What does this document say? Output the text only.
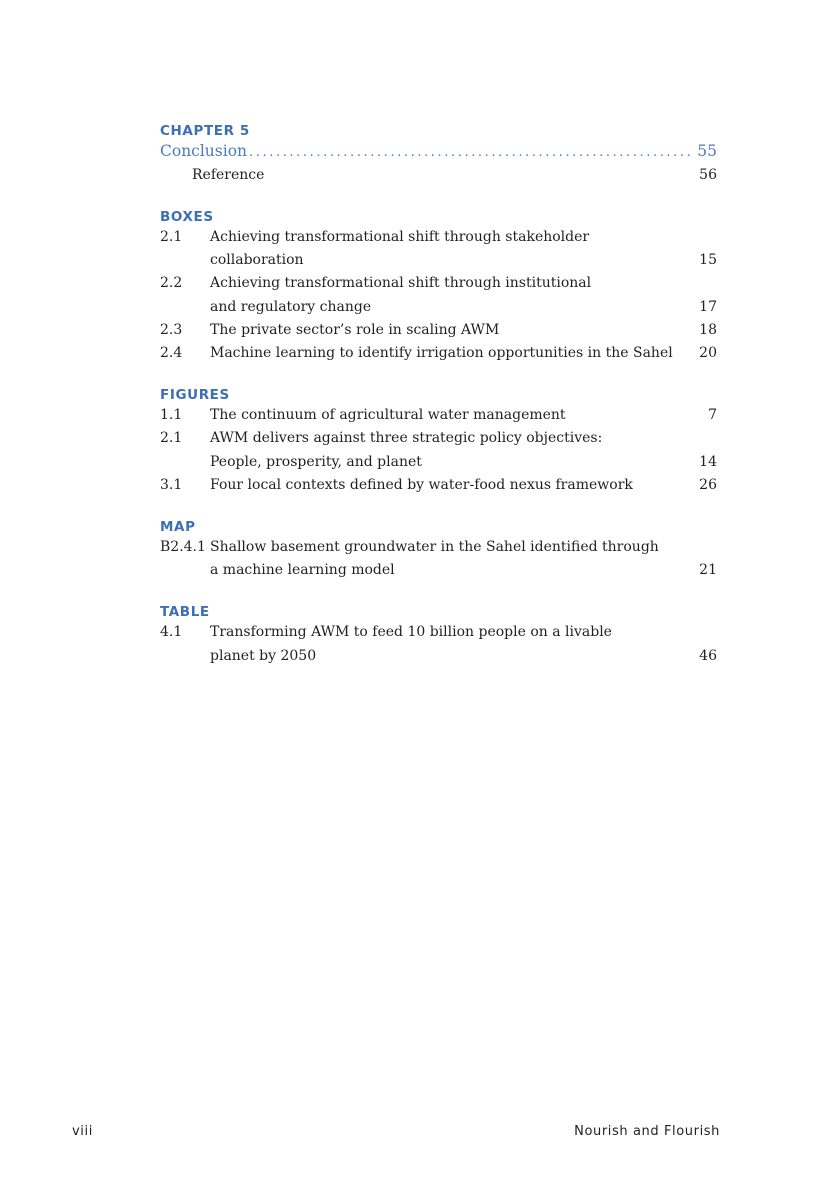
CHAPTER 5
Conclusion .................................................................. 55
Reference	56
BOXES
2.1	Achieving transformational shift through stakeholder collaboration	15
2.2	Achieving transformational shift through institutional
and regulatory change	17
2.3	The private sector’s role in scaling AWM	18
2.4	Machine learning to identify irrigation opportunities in the Sahel	20
FIGURES
1.1	The continuum of agricultural water management	7
2.1	AWM delivers against three strategic policy objectives:
People, prosperity, and planet	14
3.1	Four local contexts defined by water-food nexus framework	26
MAP
B2.4.1 Shallow basement groundwater in the Sahel identified through
a machine learning model	21
TABLE
4.1	Transforming AWM to feed 10 billion people on a livable
planet by 2050	46
viii	Nourish and Flourish
